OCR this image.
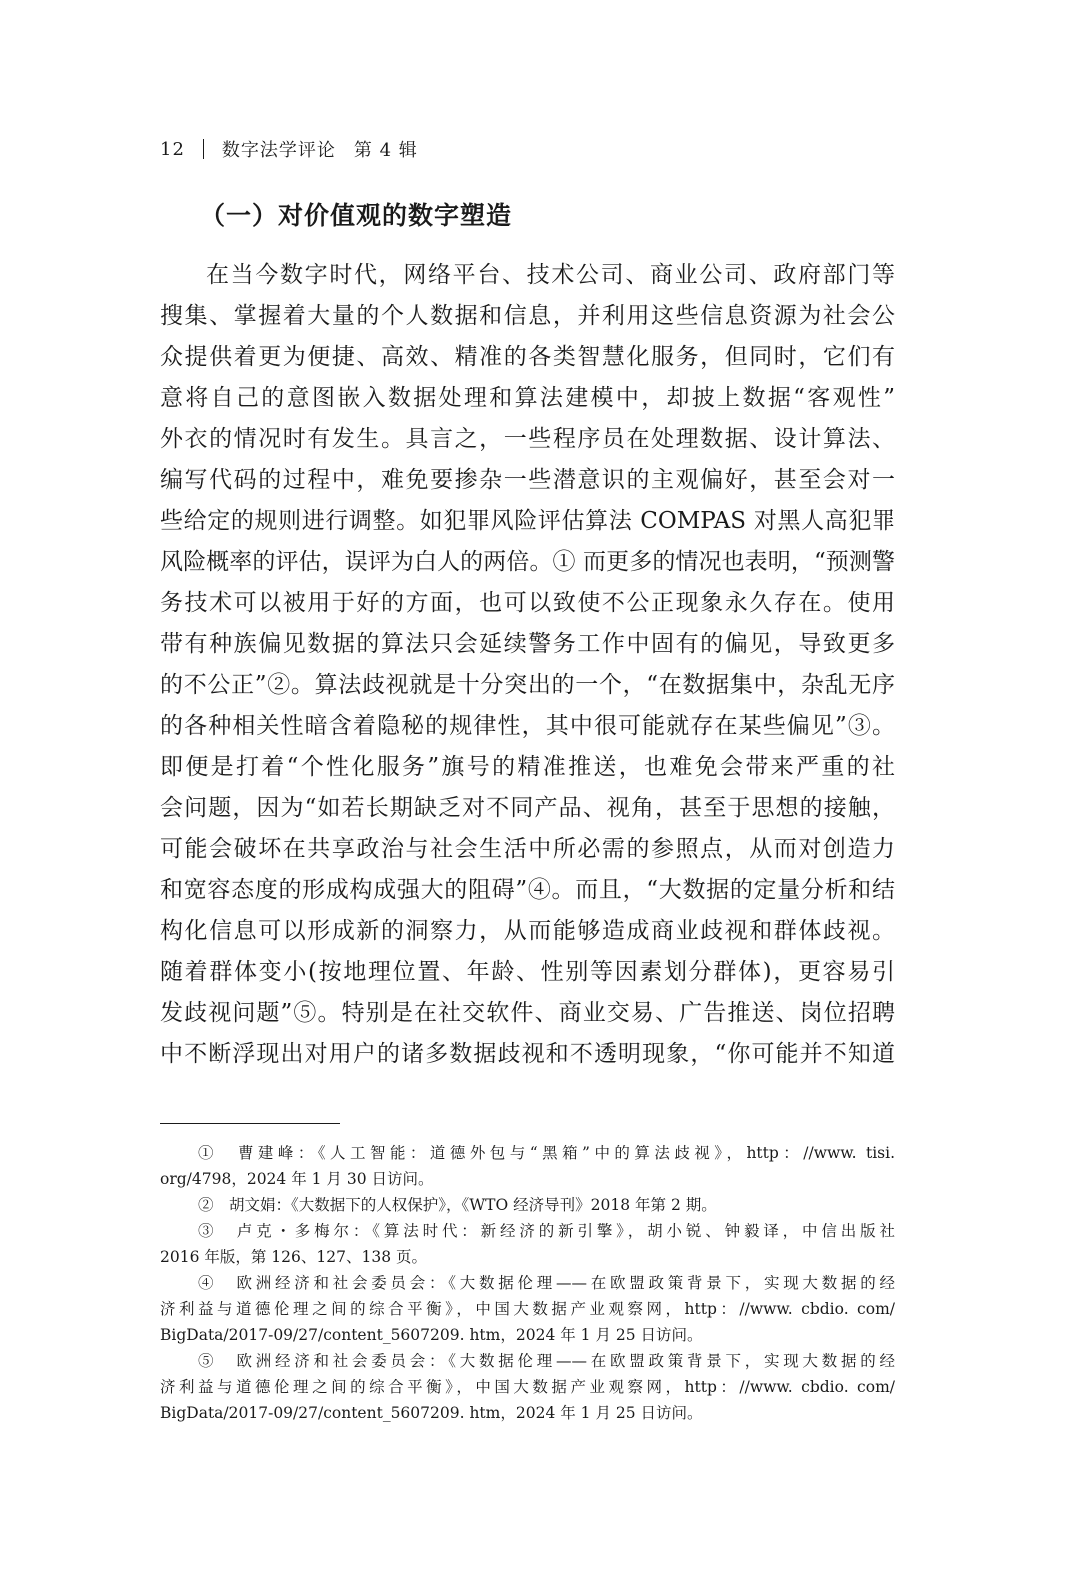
12 数字法学评论 第 4 辑
（一）对价值观的数字塑造
在当今数字时代，网络平台、技术公司、商业公司、政府部门等
搜集、掌握着大量的个人数据和信息，并利用这些信息资源为社会公
众提供着更为便捷、高效、精准的各类智慧化服务，但同时，它们有
意将自己的意图嵌入数据处理和算法建模中，却披上数据“客观性”
外衣的情况时有发生。具言之，一些程序员在处理数据、设计算法、
编写代码的过程中，难免要掺杂一些潜意识的主观偏好，甚至会对一
些给定的规则进行调整。如犯罪风险评估算法 COMPAS 对黑人高犯罪
风险概率的评估，误评为白人的两倍。① 而更多的情况也表明，“预测警
务技术可以被用于好的方面，也可以致使不公正现象永久存在。使用
带有种族偏见数据的算法只会延续警务工作中固有的偏见，导致更多
的不公正”②。算法歧视就是十分突出的一个，“在数据集中，杂乱无序
的各种相关性暗含着隐秘的规律性，其中很可能就存在某些偏见”③。
即便是打着“个性化服务”旗号的精准推送，也难免会带来严重的社
会问题，因为“如若长期缺乏对不同产品、视角，甚至于思想的接触，
可能会破坏在共享政治与社会生活中所必需的参照点，从而对创造力
和宽容态度的形成构成强大的阻碍”④。而且，“大数据的定量分析和结
构化信息可以形成新的洞察力，从而能够造成商业歧视和群体歧视。
随着群体变小(按地理位置、年龄、性别等因素划分群体)，更容易引
发歧视问题”⑤。特别是在社交软件、商业交易、广告推送、岗位招聘
中不断浮现出对用户的诸多数据歧视和不透明现象，“你可能并不知道
①　曹建峰：《人工智能：道德外包与“黑箱”中的算法歧视》，http：//www. tisi.
org/4798，2024 年 1 月 30 日访问。
②　胡文娟：《大数据下的人权保护》，《WTO 经济导刊》2018 年第 2 期。
③　卢克・多梅尔：《算法时代：新经济的新引擎》，胡小锐、钟毅译，中信出版社
2016 年版，第 126、127、138 页。
④　欧洲经济和社会委员会：《大数据伦理——在欧盟政策背景下，实现大数据的经
济利益与道德伦理之间的综合平衡》，中国大数据产业观察网，http：//www. cbdio. com/
BigData/2017-09/27/content_5607209. htm，2024 年 1 月 25 日访问。
⑤　欧洲经济和社会委员会：《大数据伦理——在欧盟政策背景下，实现大数据的经
济利益与道德伦理之间的综合平衡》，中国大数据产业观察网，http：//www. cbdio. com/
BigData/2017-09/27/content_5607209. htm，2024 年 1 月 25 日访问。
